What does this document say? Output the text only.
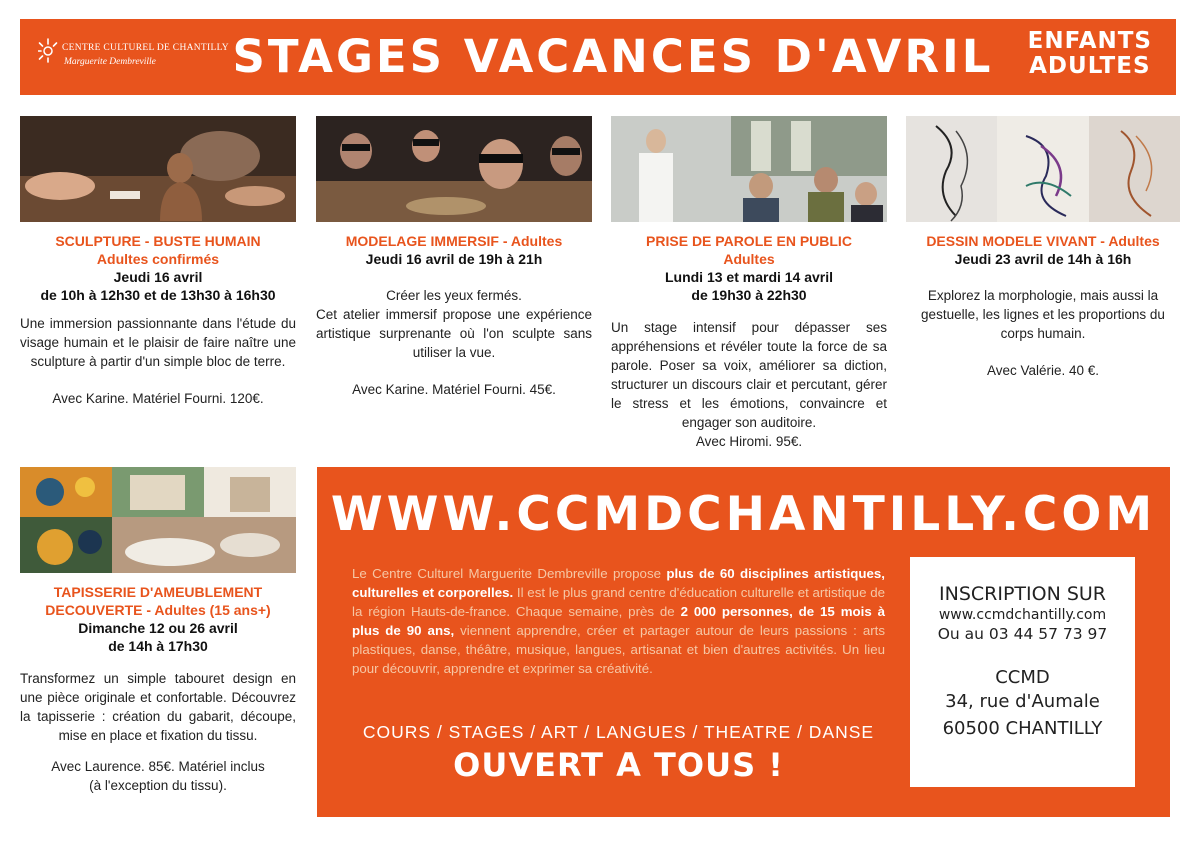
CENTRE CULTUREL DE CHANTILLY
Marguerite Dembreville STAGES VACANCES D'AVRIL ENFANTS
ADULTES
SCULPTURE - BUSTE HUMAIN
Adultes confirmés
Jeudi 16 avril
de 10h à 12h30 et de 13h30 à 16h30

Une immersion passionnante dans l'étude du visage humain et le plaisir de faire naître une sculpture à partir d'un simple bloc de terre.

Avec Karine. Matériel Fourni. 120€.

MODELAGE IMMERSIF - Adultes
Jeudi 16 avril de 19h à 21h

Créer les yeux fermés.

Cet atelier immersif propose une expérience artistique surprenante où l'on sculpte sans utiliser la vue.

Avec Karine. Matériel Fourni. 45€.

PRISE DE PAROLE EN PUBLIC
Adultes
Lundi 13 et mardi 14 avril
de 19h30 à 22h30

Un stage intensif pour dépasser ses appréhensions et révéler toute la force de sa parole. Poser sa voix, améliorer sa diction, structurer un discours clair et percutant, gérer le stress et les émotions, convaincre et engager son auditoire.

Avec Hiromi. 95€.

DESSIN MODELE VIVANT - Adultes
Jeudi 23 avril de 14h à 16h

Explorez la morphologie, mais aussi la gestuelle, les lignes et les proportions du corps humain.

Avec Valérie. 40 €.

TAPISSERIE D'AMEUBLEMENT
DECOUVERTE - Adultes (15 ans+)
Dimanche 12 ou 26 avril
de 14h à 17h30

Transformez un simple tabouret design en une pièce originale et confortable. Découvrez la tapisserie : création du gabarit, découpe, mise en place et fixation du tissu.

Avec Laurence. 85€. Matériel inclus
(à l'exception du tissu).

WWW.CCMDCHANTILLY.COM
Le Centre Culturel Marguerite Dembreville propose plus de 60 disciplines artistiques, culturelles et corporelles. Il est le plus grand centre d'éducation culturelle et artistique de la région Hauts-de-france. Chaque semaine, près de 2 000 personnes, de 15 mois à plus de 90 ans, viennent apprendre, créer et partager autour de leurs passions : arts plastiques, danse, théâtre, musique, langues, artisanat et bien d'autres activités. Un lieu pour découvrir, apprendre et exprimer sa créativité.
COURS / STAGES / ART / LANGUES / THEATRE / DANSE
OUVERT A TOUS !
INSCRIPTION SUR
www.ccmdchantilly.com
Ou au 03 44 57 73 97
CCMD
34, rue d'Aumale
60500 CHANTILLY
